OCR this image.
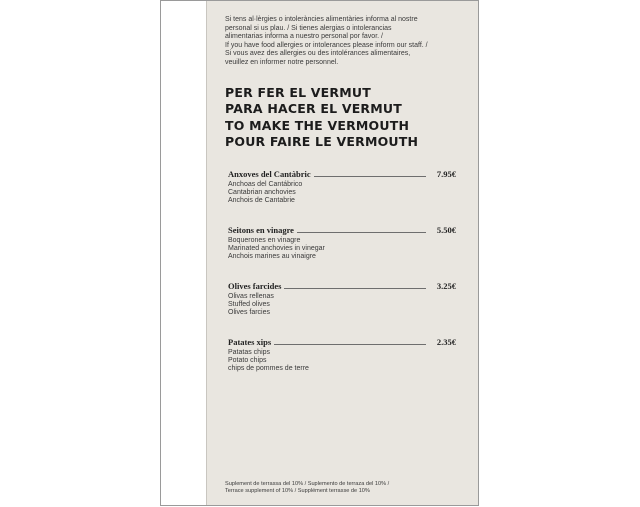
Si tens al·lèrgies o intoleràncies alimentàries informa al nostre
personal si us plau. / Si tienes alergias o intolerancias
alimentarias informa a nuestro personal por favor. /
If you have food allergies or intolerances please inform our staff. /
Si vous avez des allergies ou des intolérances alimentaires,
veuillez en informer notre personnel.
PER FER EL VERMUT
PARA HACER EL VERMUT
TO MAKE THE VERMOUTH
POUR FAIRE LE VERMOUTH
Anxoves del Cantàbric	7.95€
Anchoas del Cantábrico
Cantabrian anchovies
Anchois de Cantabrie
Seitons en vinagre	5.50€
Boquerones en vinagre
Marinated anchovies in vinegar
Anchois marines au vinaigre
Olives farcides	3.25€
Olivas rellenas
Stuffed olives
Olives farcies
Patates xips	2.35€
Patatas chips
Potato chips
chips de pommes de terre
Suplement de terrassa del 10% / Suplemento de terraza del 10% /
Terrace supplement of 10% / Supplément terrasse de 10%
